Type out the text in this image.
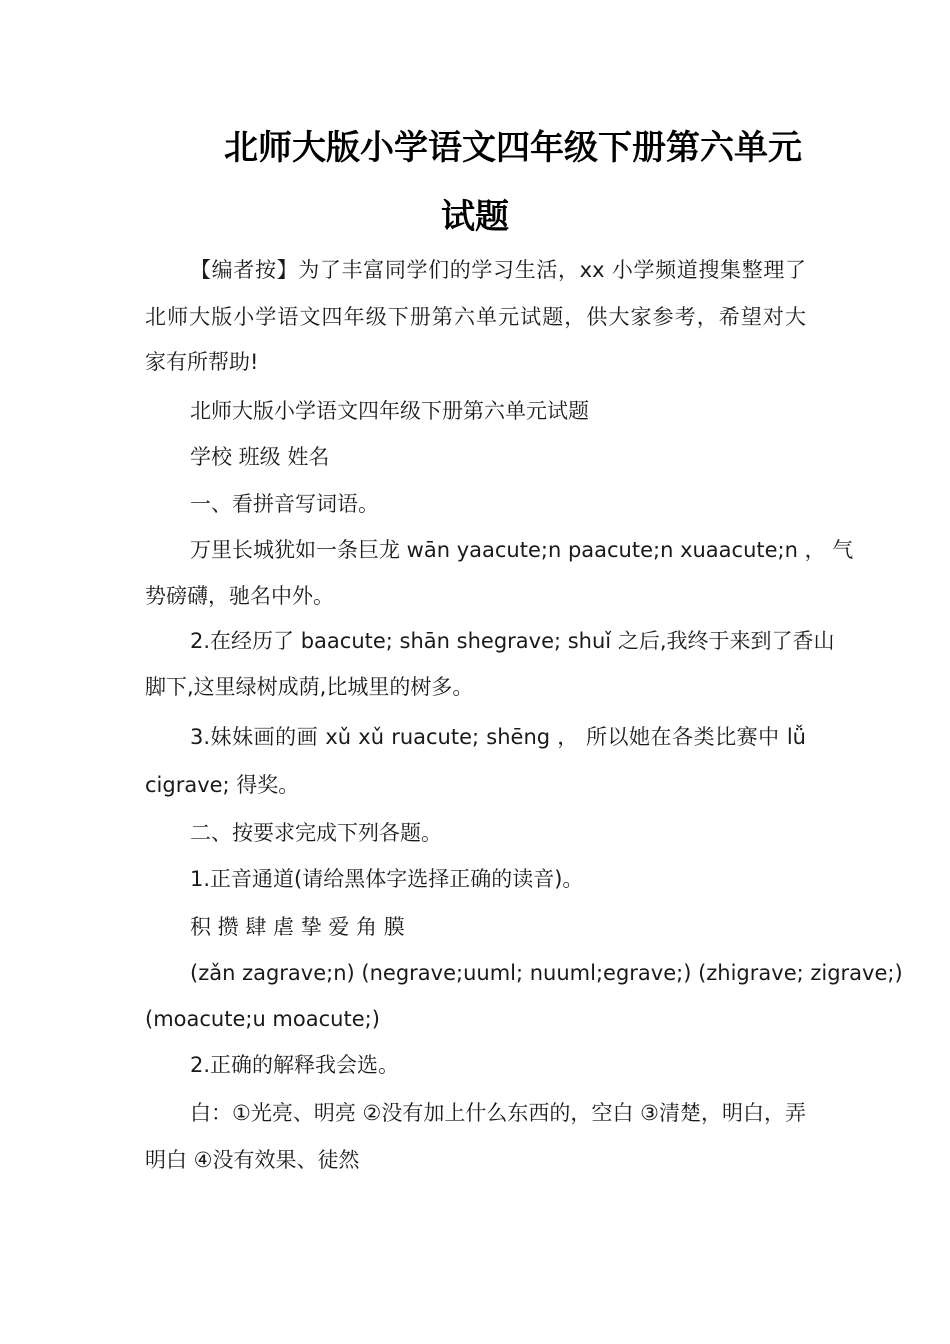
北师大版小学语文四年级下册第六单元
试题
【编者按】为了丰富同学们的学习生活，xx 小学频道搜集整理了
北师大版小学语文四年级下册第六单元试题，供大家参考，希望对大
家有所帮助!
北师大版小学语文四年级下册第六单元试题
学校 班级 姓名
一、看拼音写词语。
万里长城犹如一条巨龙 wān yaacute;n paacute;n xuaacute;n ， 气
势磅礴，驰名中外。
2.在经历了 baacute; shān shegrave; shuǐ 之后,我终于来到了香山
脚下,这里绿树成荫,比城里的树多。
3.妹妹画的画 xǔ xǔ ruacute; shēng ， 所以她在各类比赛中 lǚ
cigrave; 得奖。
二、按要求完成下列各题。
1.正音通道(请给黑体字选择正确的读音)。
积 攒 肆 虐 挚 爱 角 膜
(zǎn zagrave;n) (negrave;uuml; nuuml;egrave;) (zhigrave; zigrave;)
(moacute;u moacute;)
2.正确的解释我会选。
白：①光亮、明亮 ②没有加上什么东西的，空白 ③清楚，明白，弄
明白 ④没有效果、徒然
